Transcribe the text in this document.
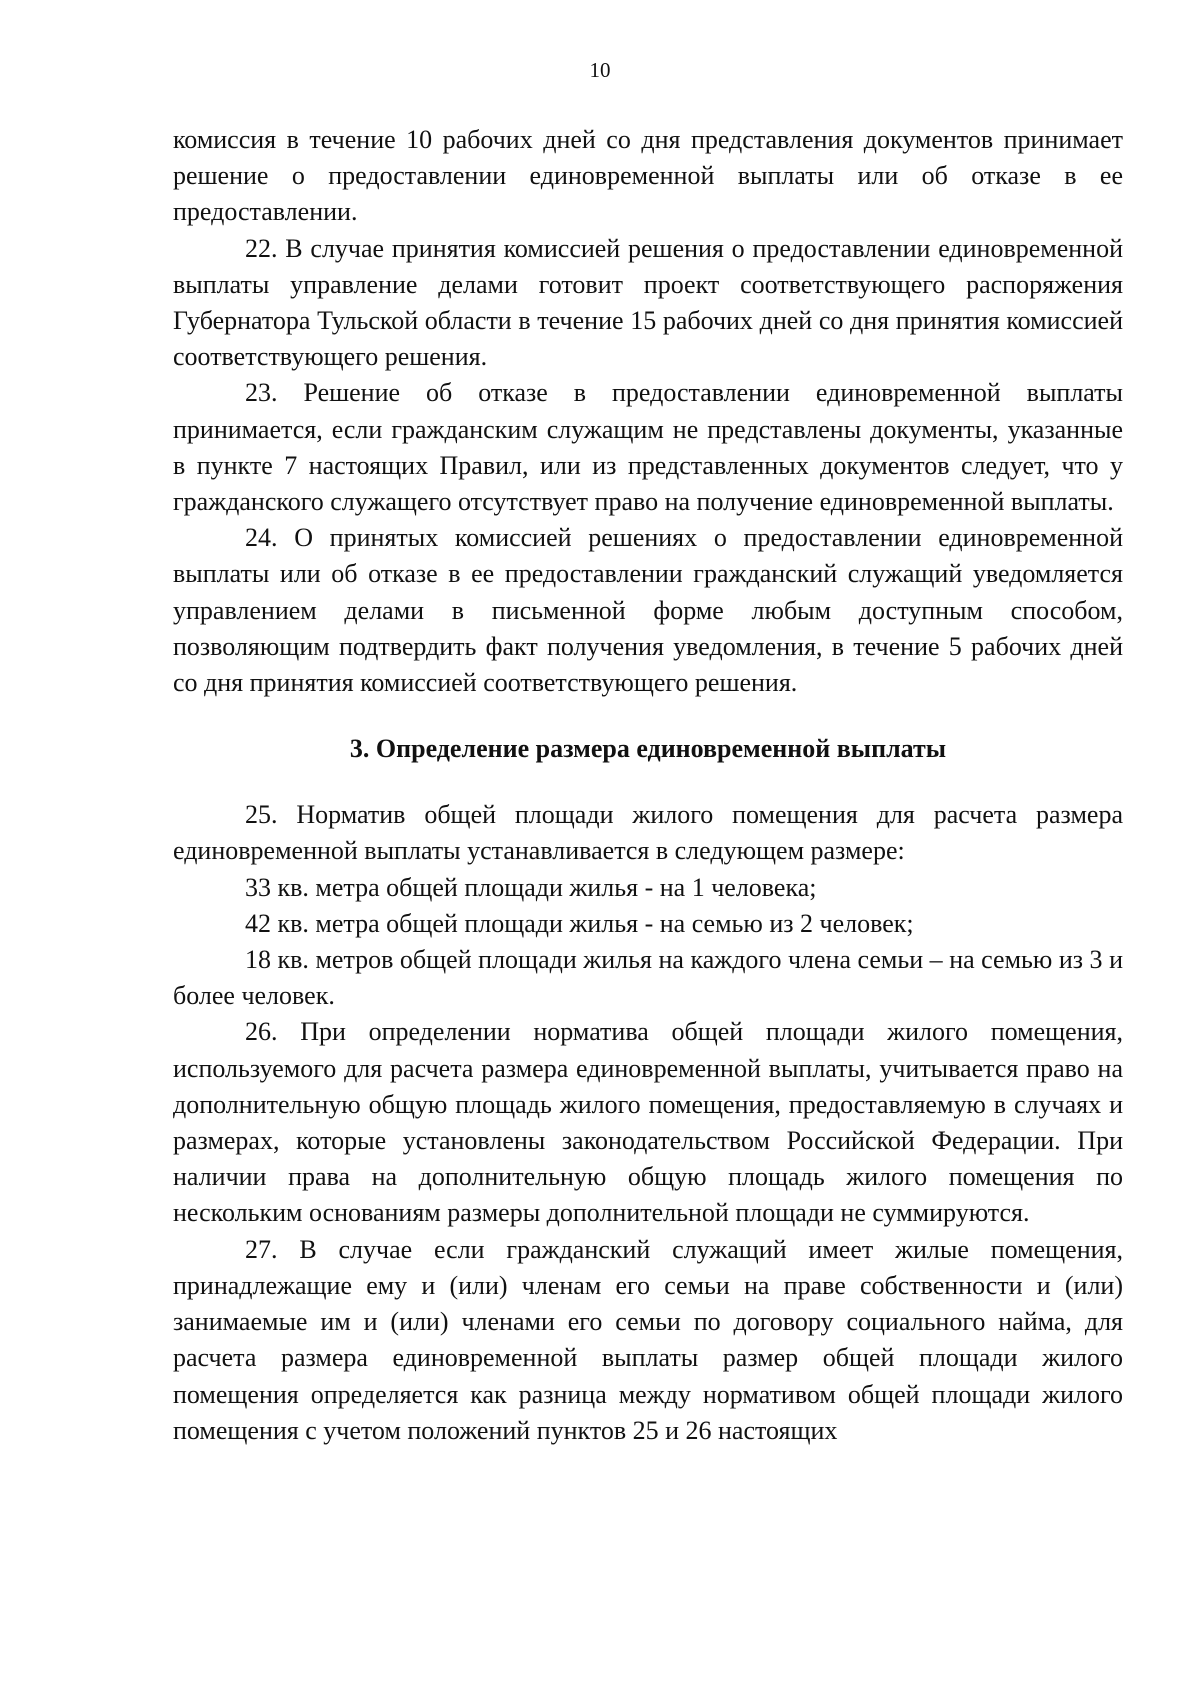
10

комиссия в течение 10 рабочих дней со дня представления документов принимает решение о предоставлении единовременной выплаты или об отказе в ее предоставлении.

22. В случае принятия комиссией решения о предоставлении единовременной выплаты управление делами готовит проект соответствующего распоряжения Губернатора Тульской области в течение 15 рабочих дней со дня принятия комиссией соответствующего решения.

23. Решение об отказе в предоставлении единовременной выплаты принимается, если гражданским служащим не представлены документы, указанные в пункте 7 настоящих Правил, или из представленных документов следует, что у гражданского служащего отсутствует право на получение единовременной выплаты.

24. О принятых комиссией решениях о предоставлении единовременной выплаты или об отказе в ее предоставлении гражданский служащий уведомляется управлением делами в письменной форме любым доступным способом, позволяющим подтвердить факт получения уведомления, в течение 5 рабочих дней со дня принятия комиссией соответствующего решения.

3. Определение размера единовременной выплаты

25. Норматив общей площади жилого помещения для расчета размера единовременной выплаты устанавливается в следующем размере:

33 кв. метра общей площади жилья - на 1 человека;

42 кв. метра общей площади жилья - на семью из 2 человек;

18 кв. метров общей площади жилья на каждого члена семьи – на семью из 3 и более человек.

26. При определении норматива общей площади жилого помещения, используемого для расчета размера единовременной выплаты, учитывается право на дополнительную общую площадь жилого помещения, предоставляемую в случаях и размерах, которые установлены законодательством Российской Федерации. При наличии права на дополнительную общую площадь жилого помещения по нескольким основаниям размеры дополнительной площади не суммируются.

27. В случае если гражданский служащий имеет жилые помещения, принадлежащие ему и (или) членам его семьи на праве собственности и (или) занимаемые им и (или) членами его семьи по договору социального найма, для расчета размера единовременной выплаты размер общей площади жилого помещения определяется как разница между нормативом общей площади жилого помещения с учетом положений пунктов 25 и 26 настоящих
